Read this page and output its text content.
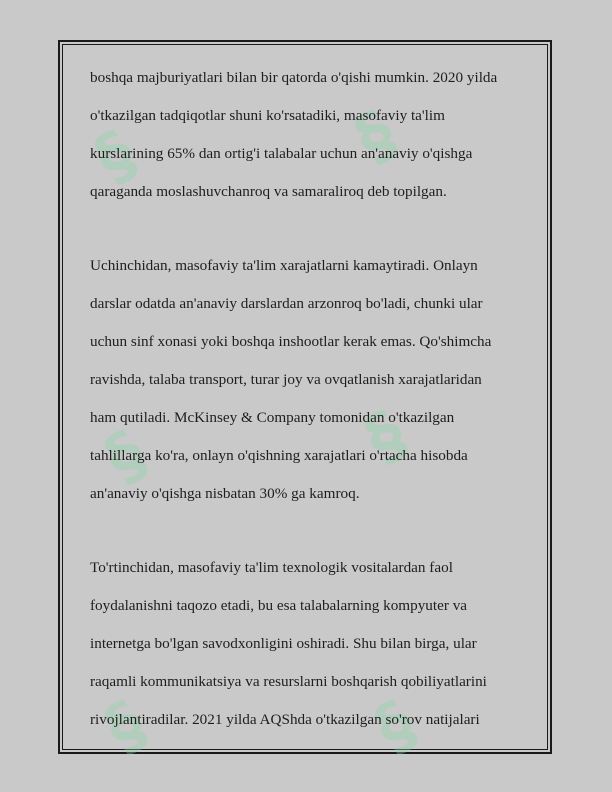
§	§
§	§
§	§
boshqa majburiyatlari bilan bir qatorda o'qishi mumkin. 2020 yilda
o'tkazilgan tadqiqotlar shuni ko'rsatadiki, masofaviy ta'lim
kurslarining 65% dan ortig'i talabalar uchun an'anaviy o'qishga
qaraganda moslashuvchanroq va samaraliroq deb topilgan.
Uchinchidan, masofaviy ta'lim xarajatlarni kamaytiradi. Onlayn
darslar odatda an'anaviy darslardan arzonroq bo'ladi, chunki ular
uchun sinf xonasi yoki boshqa inshootlar kerak emas. Qo'shimcha
ravishda, talaba transport, turar joy va ovqatlanish xarajatlaridan
ham qutiladi. McKinsey & Company tomonidan o'tkazilgan
tahlillarga ko'ra, onlayn o'qishning xarajatlari o'rtacha hisobda
an'anaviy o'qishga nisbatan 30% ga kamroq.
To'rtinchidan, masofaviy ta'lim texnologik vositalardan faol
foydalanishni taqozo etadi, bu esa talabalarning kompyuter va
internetga bo'lgan savodxonligini oshiradi. Shu bilan birga, ular
raqamli kommunikatsiya va resurslarni boshqarish qobiliyatlarini
rivojlantiradilar. 2021 yilda AQShda o'tkazilgan so'rov natijalari
